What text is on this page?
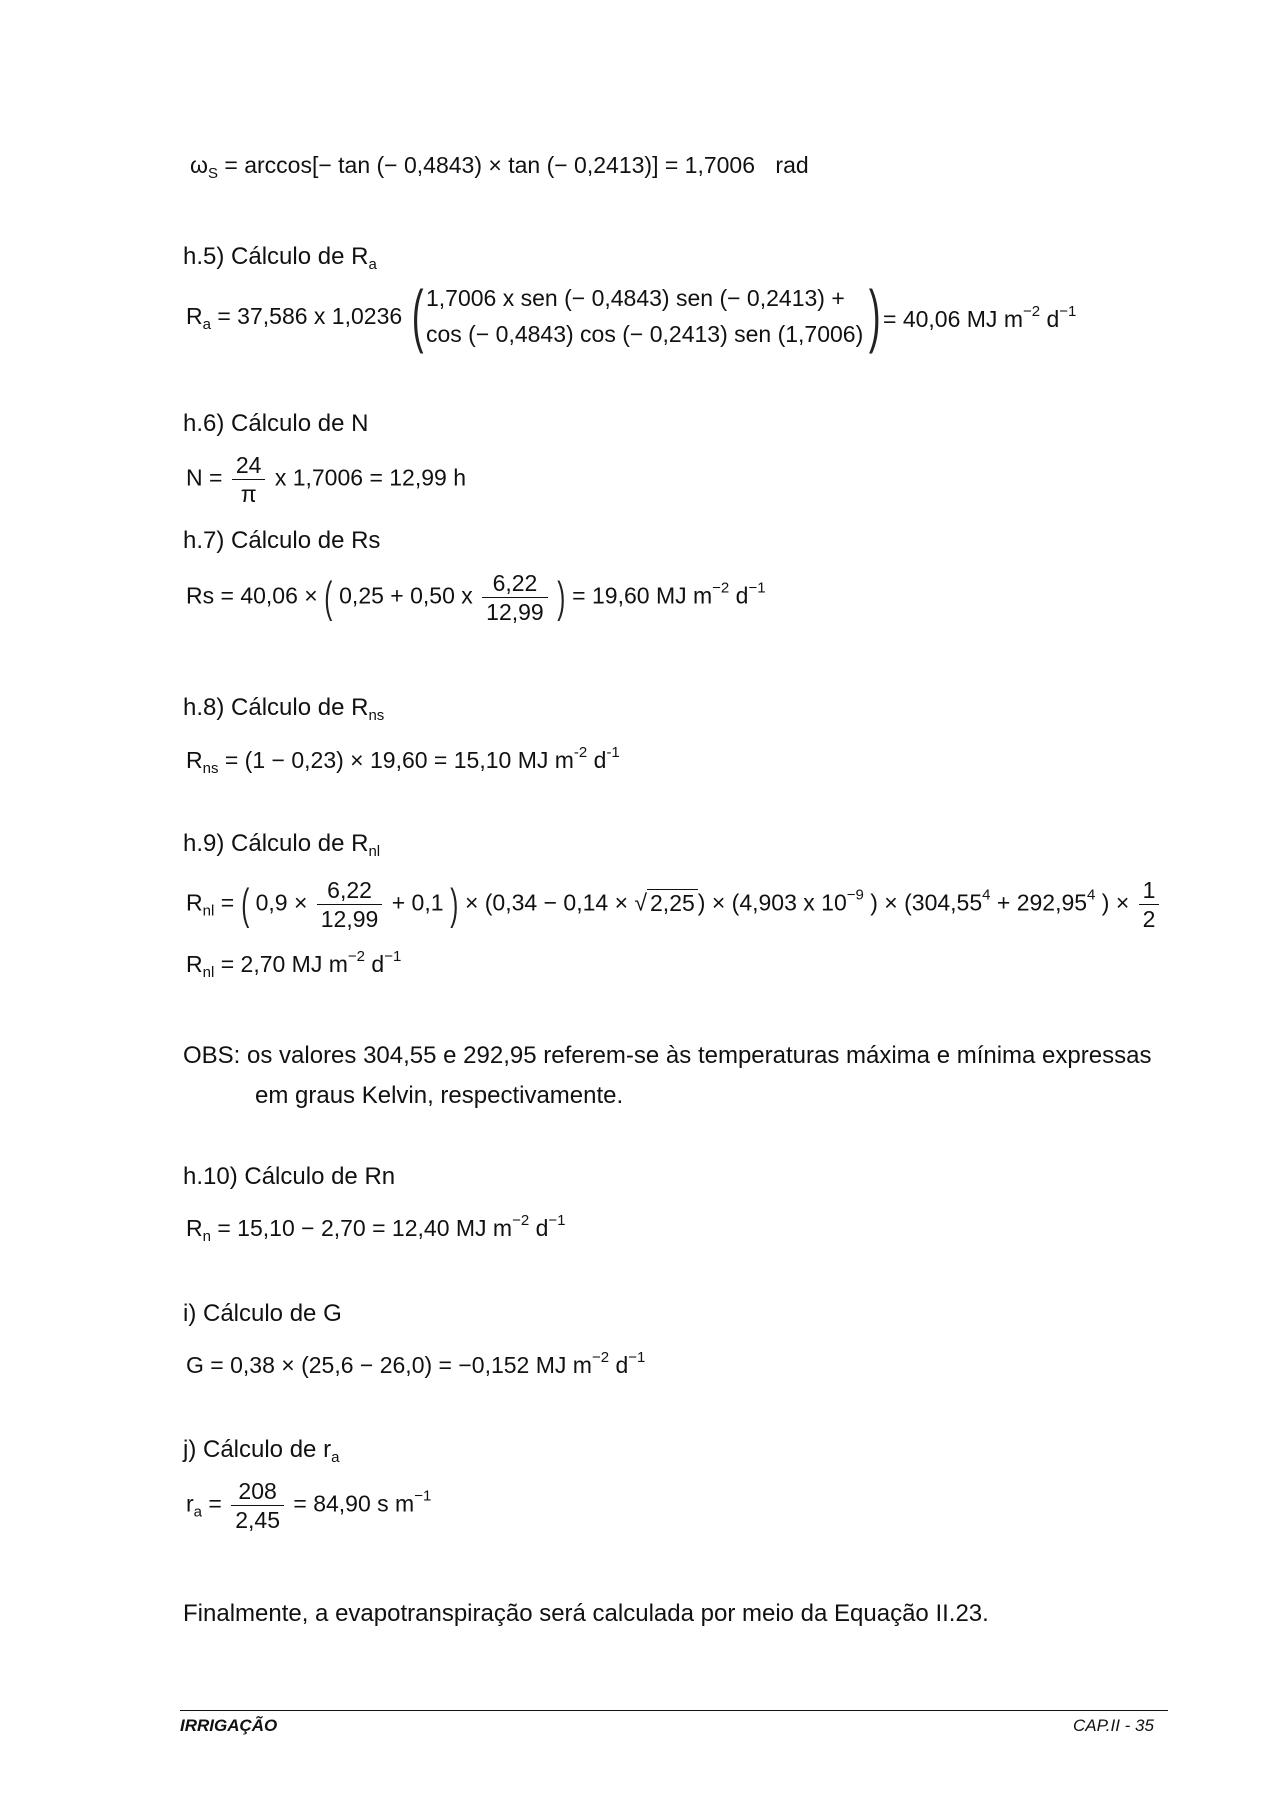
$\omega_S = \arccos[- \tan$ (− 0,4843) × tan (− 0,2413)] = 1,7006 rad
h.5) Cálculo de $R_a$
$R_a = 37,586$ x 1,0236 ( 1,7006 x sen (− 0,4843) sen (− 0,2413) +
cos (− 0,4843) cos (− 0,2413) sen (1,7006) ) = 40,06 MJ $m^{-2}$ $d^{-1}$
h.6) Cálculo de N
$N = \frac{24}{\pi}$ x 1,7006 = 12,99 h
h.7) Cálculo de Rs
Rs = 40,06 × ( 0,25 + 0,50 x $\frac{6,22}{12,99}$ ) = 19,60 MJ $m^{-2}$ $d^{-1}$
h.8) Cálculo de $R_{ns}$
$R_{ns} = (1 - 0,23) \times 19,60 = 15,10$ MJ $m^{-2}$ $d^{-1}$
h.9) Cálculo de $R_{nl}$
$R_{nl}$ = ( $0,9 \times \frac{6,22}{12,99} + 0,1$ ) × (0,34 − 0,14 × √ 2,25 ) × (4,903 x $10^{-9}$ ) × ($304,55^4 + 292,95^4$ ) × $\frac{1}{2}$
$R_{nl} = 2,70$ MJ $m^{-2}$ $d^{-1}$
OBS: os valores 304,55 e 292,95 referem-se às temperaturas máxima e mínima expressas
em graus Kelvin, respectivamente.
h.10) Cálculo de Rn
$R_n = 15,10 - 2,70 = 12,40$ MJ $m^{-2}$ $d^{-1}$
i) Cálculo de G
G = 0,38 × (25,6 − 26,0) = −0,152 MJ $m^{-2}$ $d^{-1}$
j) Cálculo de $r_a$
$r_a = \frac{208}{2,45} = 84,90$ s $m^{-1}$
Finalmente, a evapotranspiração será calculada por meio da Equação II.23.
IRRIGAÇÃO	CAP.II - 35
